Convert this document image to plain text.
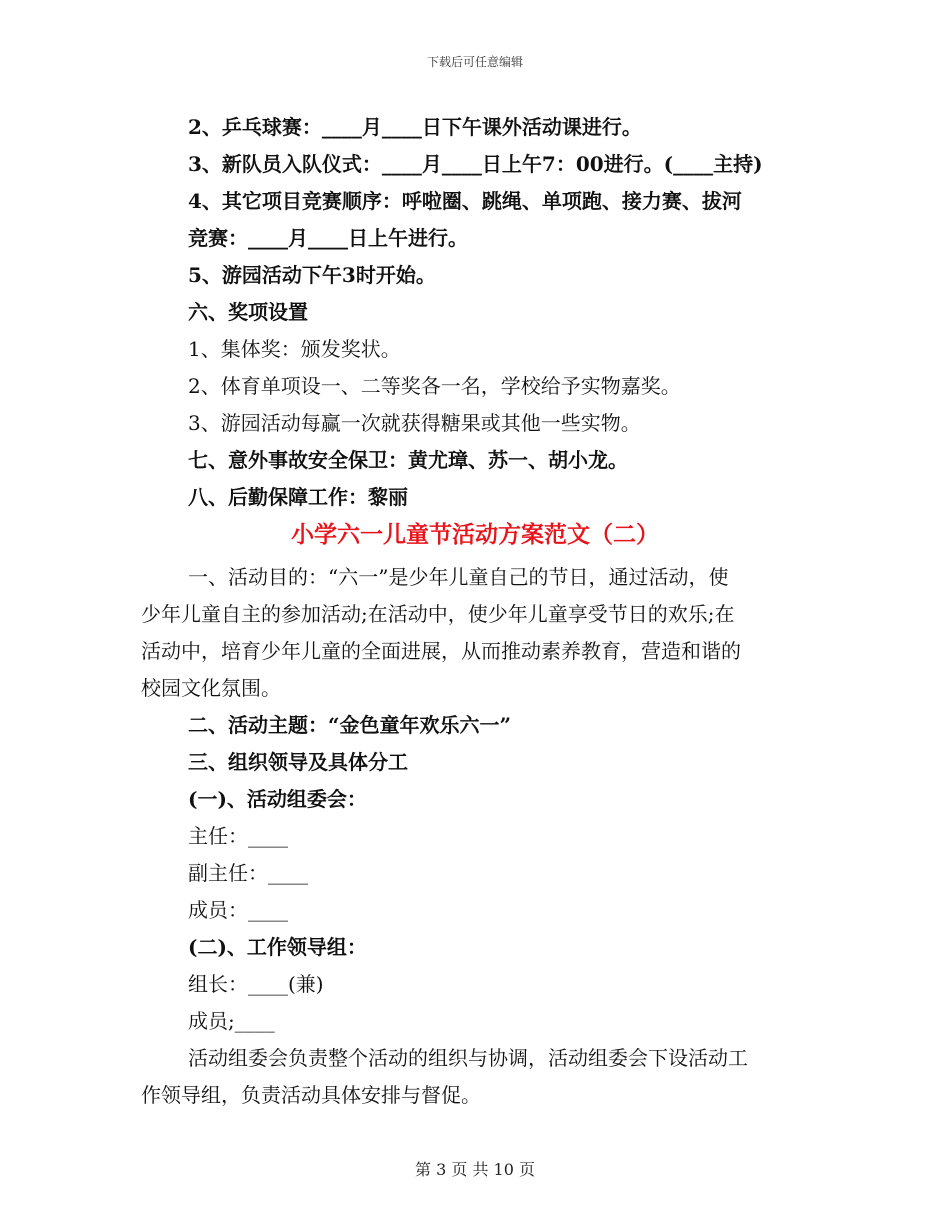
下载后可任意编辑
2、乒乓球赛：____月____日下午课外活动课进行。
3、新队员入队仪式：____月____日上午7：00进行。(____主持)
4、其它项目竞赛顺序：呼啦圈、跳绳、单项跑、接力赛、拔河
竞赛：____月____日上午进行。
5、游园活动下午3时开始。
六、奖项设置
1、集体奖：颁发奖状。
2、体育单项设一、二等奖各一名，学校给予实物嘉奖。
3、游园活动每赢一次就获得糖果或其他一些实物。
七、意外事故安全保卫：黄尤璋、苏一、胡小龙。
八、后勤保障工作：黎丽
小学六一儿童节活动方案范文（二）
一、活动目的：“六一”是少年儿童自己的节日，通过活动，使
少年儿童自主的参加活动;在活动中，使少年儿童享受节日的欢乐;在
活动中，培育少年儿童的全面进展，从而推动素养教育，营造和谐的
校园文化氛围。
二、活动主题：“金色童年欢乐六一”
三、组织领导及具体分工
(一)、活动组委会：
主任：____
副主任：____
成员：____
(二)、工作领导组：
组长：____(兼)
成员;____
活动组委会负责整个活动的组织与协调，活动组委会下设活动工
作领导组，负责活动具体安排与督促。
第 3 页 共 10 页
